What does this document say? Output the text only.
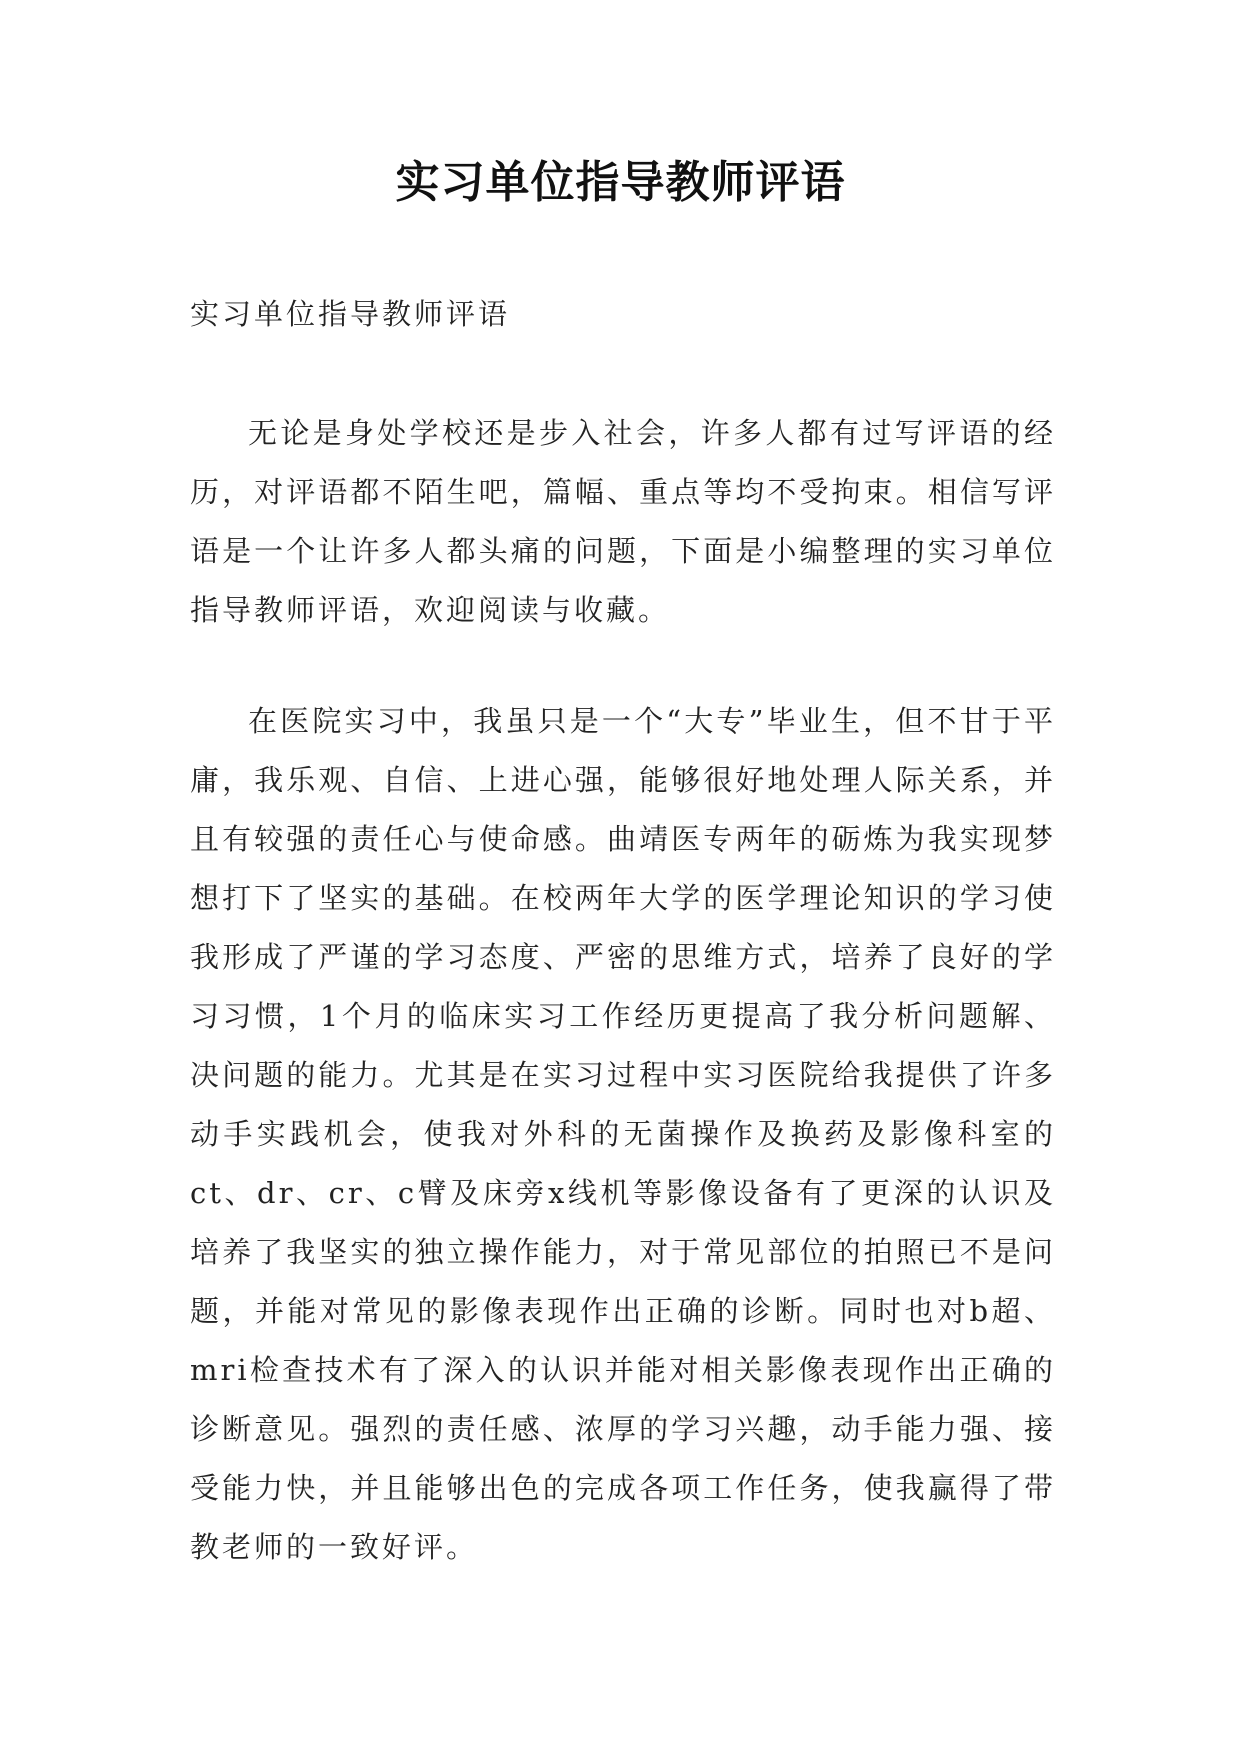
实习单位指导教师评语

实习单位指导教师评语

无论是身处学校还是步入社会，许多人都有过写评语的经历，对评语都不陌生吧，篇幅、重点等均不受拘束。相信写评语是一个让许多人都头痛的问题，下面是小编整理的实习单位指导教师评语，欢迎阅读与收藏。

在医院实习中，我虽只是一个“大专”毕业生，但不甘于平庸，我乐观、自信、上进心强，能够很好地处理人际关系，并且有较强的责任心与使命感。曲靖医专两年的砺炼为我实现梦想打下了坚实的基础。在校两年大学的医学理论知识的学习使我形成了严谨的学习态度、严密的思维方式，培养了良好的学习习惯，1个月的临床实习工作经历更提高了我分析问题解、决问题的能力。尤其是在实习过程中实习医院给我提供了许多动手实践机会，使我对外科的无菌操作及换药及影像科室的ct、dr、cr、c臂及床旁x线机等影像设备有了更深的认识及培养了我坚实的独立操作能力，对于常见部位的拍照已不是问题，并能对常见的影像表现作出正确的诊断。同时也对b超、mri检查技术有了深入的认识并能对相关影像表现作出正确的诊断意见。强烈的责任感、浓厚的学习兴趣，动手能力强、接受能力快，并且能够出色的完成各项工作任务，使我赢得了带教老师的一致好评。
